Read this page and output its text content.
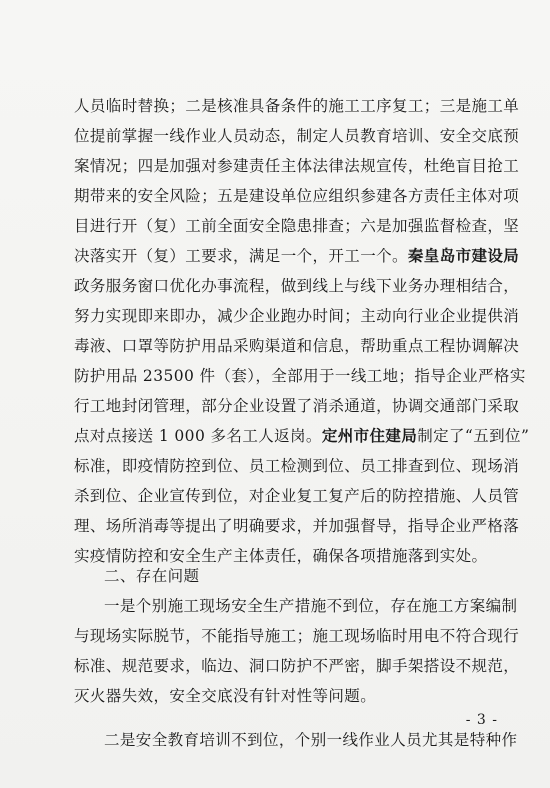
人员临时替换；二是核准具备条件的施工工序复工；三是施工单
位提前掌握一线作业人员动态，制定人员教育培训、安全交底预
案情况；四是加强对参建责任主体法律法规宣传，杜绝盲目抢工
期带来的安全风险；五是建设单位应组织参建各方责任主体对项
目进行开（复）工前全面安全隐患排查；六是加强监督检查，坚
决落实开（复）工要求，满足一个，开工一个。秦皇岛市建设局
政务服务窗口优化办事流程，做到线上与线下业务办理相结合，
努力实现即来即办，减少企业跑办时间；主动向行业企业提供消
毒液、口罩等防护用品采购渠道和信息，帮助重点工程协调解决
防护用品 23500 件（套），全部用于一线工地；指导企业严格实
行工地封闭管理，部分企业设置了消杀通道，协调交通部门采取
点对点接送 1 000 多名工人返岗。定州市住建局制定了“五到位”
标准，即疫情防控到位、员工检测到位、员工排查到位、现场消
杀到位、企业宣传到位，对企业复工复产后的防控措施、人员管
理、场所消毒等提出了明确要求，并加强督导，指导企业严格落
实疫情防控和安全生产主体责任，确保各项措施落到实处。
二、存在问题
一是个别施工现场安全生产措施不到位，存在施工方案编制
与现场实际脱节，不能指导施工；施工现场临时用电不符合现行
标准、规范要求，临边、洞口防护不严密，脚手架搭设不规范，
灭火器失效，安全交底没有针对性等问题。
二是安全教育培训不到位，个别一线作业人员尤其是特种作
- 3 -
